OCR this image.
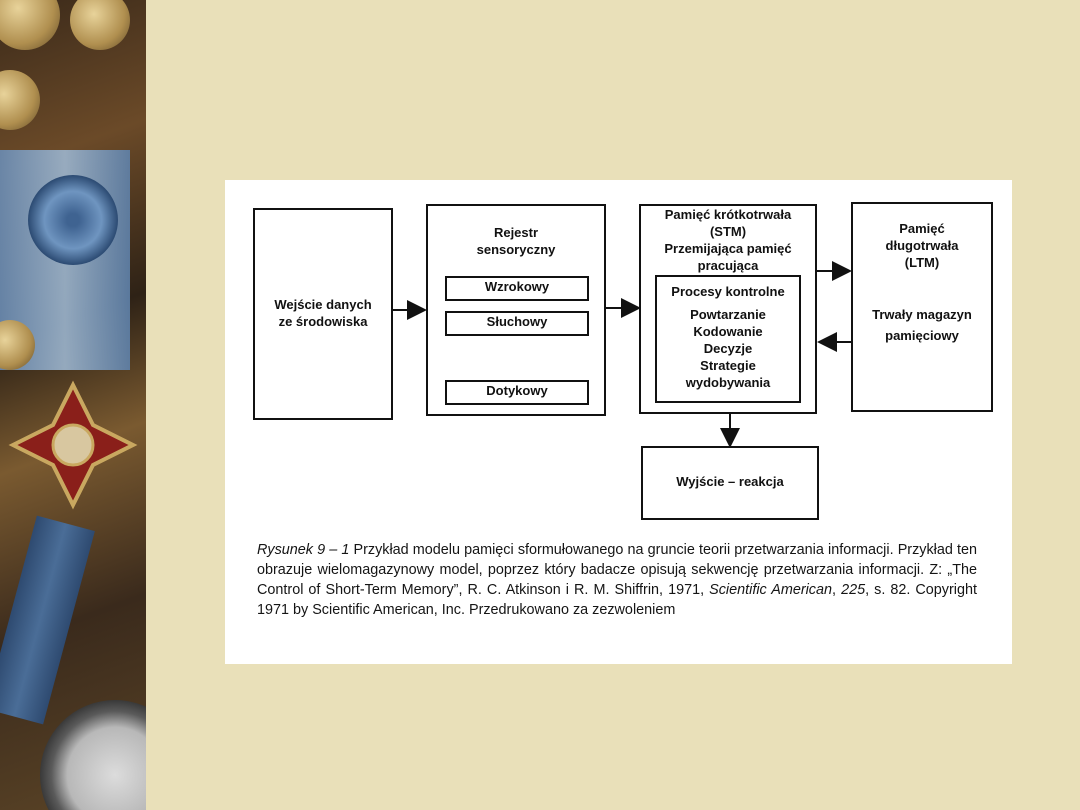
Wejście danych
ze środowiska
Rejestr
sensoryczny
Wzrokowy
Słuchowy
Dotykowy
Pamięć krótkotrwała
(STM)
Przemijająca pamięć
pracująca
Procesy kontrolne
Powtarzanie
Kodowanie
Decyzje
Strategie
wydobywania
Pamięć
długotrwała
(LTM)
Trwały magazyn
pamięciowy
Wyjście – reakcja
Rysunek 9 – 1 Przykład modelu pamięci sformułowanego na gruncie teorii przetwarzania informacji. Przykład ten obrazuje wielomagazynowy model, poprzez który badacze opisują sekwencję przetwarzania informacji. Z: „The Control of Short-Term Memory”, R. C. Atkinson i R. M. Shiffrin, 1971, Scientific American, 225, s. 82. Copyright 1971 by Scientific American, Inc. Przedrukowano za zezwoleniem
